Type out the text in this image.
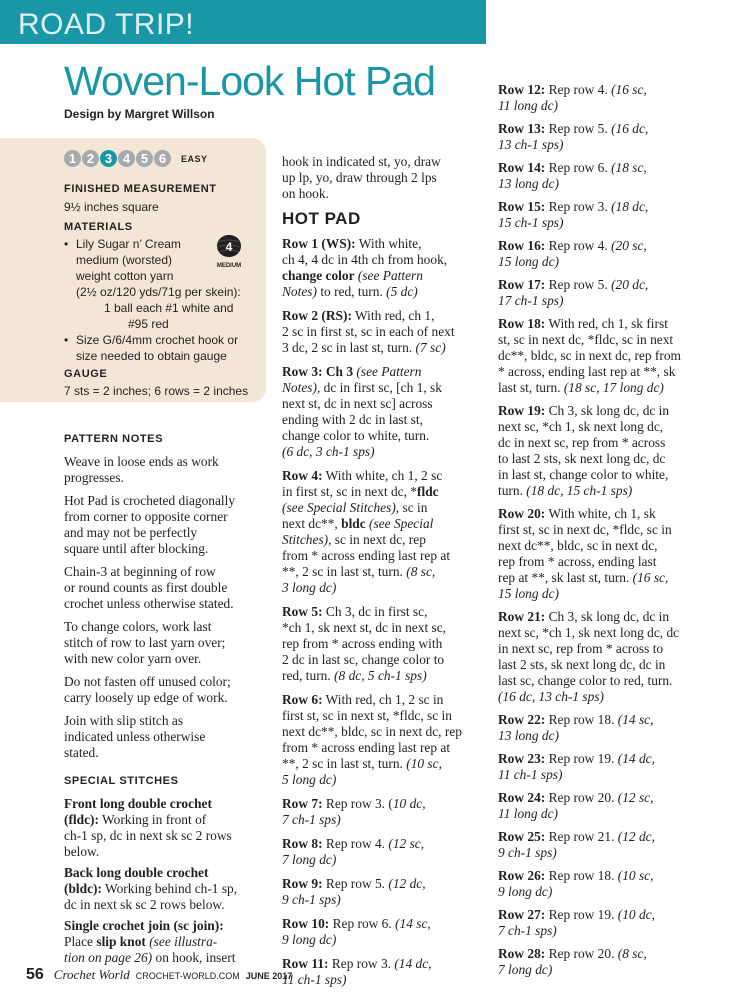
ROAD TRIP!
Woven-Look Hot Pad
Design by Margret Willson
1 2 3 4 5 6	EASY
FINISHED MEASUREMENT
9½ inches square
MATERIALS
• Lily Sugar n’ Cream
medium (worsted)
weight cotton yarn
(2½ oz/120 yds/71g per skein):
1 ball each #1 white and
#95 red
• Size G/6/4mm crochet hook or
size needed to obtain gauge
4
MEDIUM
GAUGE
7 sts = 2 inches; 6 rows = 2 inches
PATTERN NOTES

Weave in loose ends as work
progresses.

Hot Pad is crocheted diagonally
from corner to opposite corner
and may not be perfectly
square until after blocking.

Chain-3 at beginning of row
or round counts as first double
crochet unless otherwise stated.

To change colors, work last
stitch of row to last yarn over;
with new color yarn over.

Do not fasten off unused color;
carry loosely up edge of work.

Join with slip stitch as
indicated unless otherwise
stated.

SPECIAL STITCHES

Front long double crochet
(fldc): Working in front of
ch-1 sp, dc in next sk sc 2 rows
below.

Back long double crochet
(bldc): Working behind ch-1 sp,
dc in next sk sc 2 rows below.

Single crochet join (sc join):
Place slip knot (see illustra-
tion on page 26) on hook, insert

hook in indicated st, yo, draw
up lp, yo, draw through 2 lps
on hook.

HOT PAD

Row 1 (WS): With white,
ch 4, 4 dc in 4th ch from hook,
change color (see Pattern
Notes) to red, turn. (5 dc)

Row 2 (RS): With red, ch 1,
2 sc in first st, sc in each of next
3 dc, 2 sc in last st, turn. (7 sc)

Row 3: Ch 3 (see Pattern
Notes), dc in first sc, [ch 1, sk
next st, dc in next sc] across
ending with 2 dc in last st,
change color to white, turn.
(6 dc, 3 ch-1 sps)

Row 4: With white, ch 1, 2 sc
in first st, sc in next dc, *fldc
(see Special Stitches), sc in
next dc**, bldc (see Special
Stitches), sc in next dc, rep
from * across ending last rep at
**, 2 sc in last st, turn. (8 sc,
3 long dc)

Row 5: Ch 3, dc in first sc,
*ch 1, sk next st, dc in next sc,
rep from * across ending with
2 dc in last sc, change color to
red, turn. (8 dc, 5 ch-1 sps)

Row 6: With red, ch 1, 2 sc in
first st, sc in next st, *fldc, sc in
next dc**, bldc, sc in next dc, rep
from * across ending last rep at
**, 2 sc in last st, turn. (10 sc,
5 long dc)

Row 7: Rep row 3. (10 dc,
7 ch-1 sps)

Row 8: Rep row 4. (12 sc,
7 long dc)

Row 9: Rep row 5. (12 dc,
9 ch-1 sps)

Row 10: Rep row 6. (14 sc,
9 long dc)

Row 11: Rep row 3. (14 dc,
11 ch-1 sps)

Row 12: Rep row 4. (16 sc,
11 long dc)

Row 13: Rep row 5. (16 dc,
13 ch-1 sps)

Row 14: Rep row 6. (18 sc,
13 long dc)

Row 15: Rep row 3. (18 dc,
15 ch-1 sps)

Row 16: Rep row 4. (20 sc,
15 long dc)

Row 17: Rep row 5. (20 dc,
17 ch-1 sps)

Row 18: With red, ch 1, sk first
st, sc in next dc, *fldc, sc in next
dc**, bldc, sc in next dc, rep from
* across, ending last rep at **, sk
last st, turn. (18 sc, 17 long dc)

Row 19: Ch 3, sk long dc, dc in
next sc, *ch 1, sk next long dc,
dc in next sc, rep from * across
to last 2 sts, sk next long dc, dc
in last st, change color to white,
turn. (18 dc, 15 ch-1 sps)

Row 20: With white, ch 1, sk
first st, sc in next dc, *fldc, sc in
next dc**, bldc, sc in next dc,
rep from * across, ending last
rep at **, sk last st, turn. (16 sc,
15 long dc)

Row 21: Ch 3, sk long dc, dc in
next sc, *ch 1, sk next long dc, dc
in next sc, rep from * across to
last 2 sts, sk next long dc, dc in
last sc, change color to red, turn.
(16 dc, 13 ch-1 sps)

Row 22: Rep row 18. (14 sc,
13 long dc)

Row 23: Rep row 19. (14 dc,
11 ch-1 sps)

Row 24: Rep row 20. (12 sc,
11 long dc)

Row 25: Rep row 21. (12 dc,
9 ch-1 sps)

Row 26: Rep row 18. (10 sc,
9 long dc)

Row 27: Rep row 19. (10 dc,
7 ch-1 sps)

Row 28: Rep row 20. (8 sc,
7 long dc)

56 Crochet World CROCHET-WORLD.COM JUNE 2017
